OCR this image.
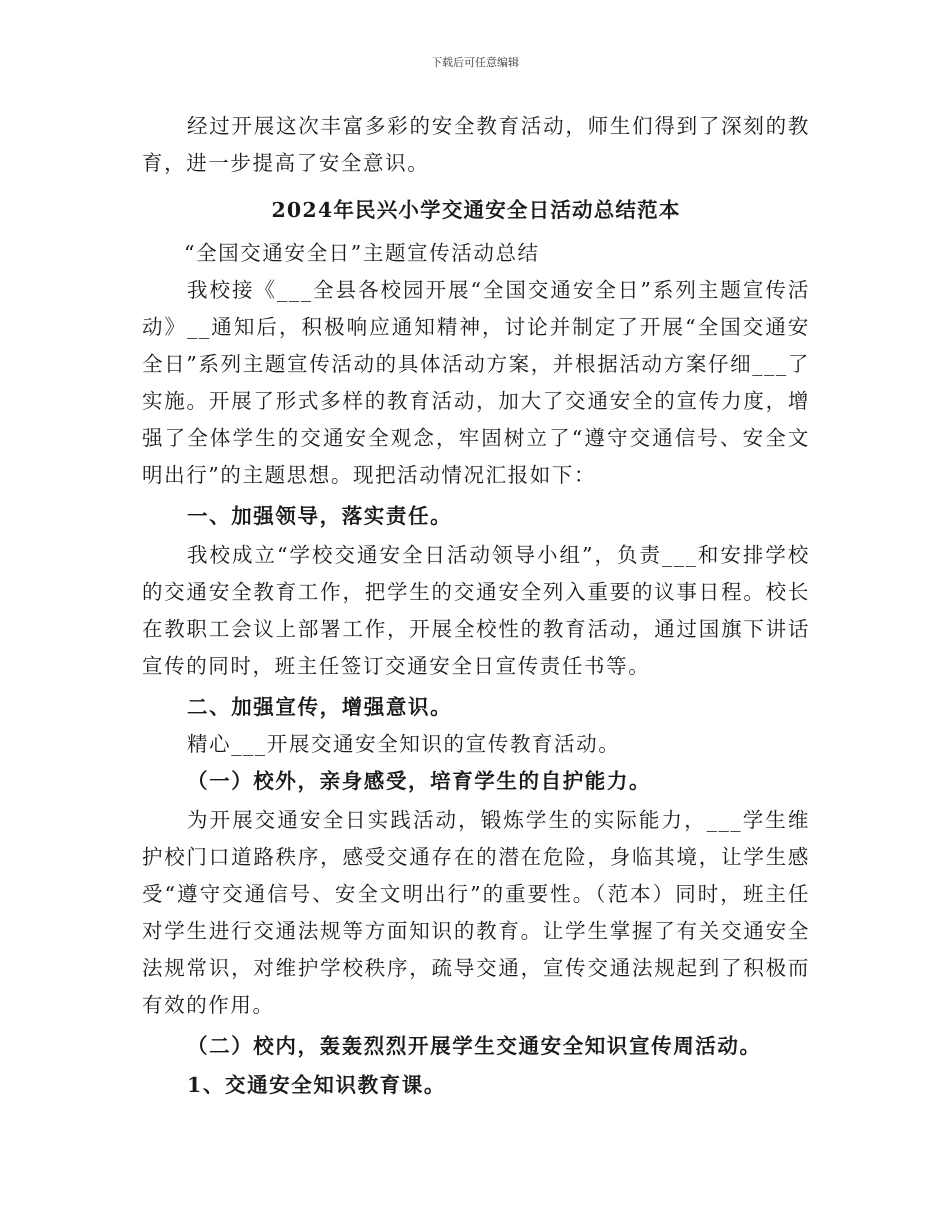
下载后可任意编辑

经过开展这次丰富多彩的安全教育活动，师生们得到了深刻的教育，进一步提高了安全意识。

2024年民兴小学交通安全日活动总结范本

“全国交通安全日”主题宣传活动总结

我校接《___全县各校园开展“全国交通安全日”系列主题宣传活动》__通知后，积极响应通知精神，讨论并制定了开展“全国交通安全日”系列主题宣传活动的具体活动方案，并根据活动方案仔细___了实施。开展了形式多样的教育活动，加大了交通安全的宣传力度，增强了全体学生的交通安全观念，牢固树立了“遵守交通信号、安全文明出行”的主题思想。现把活动情况汇报如下：

一、加强领导，落实责任。

我校成立“学校交通安全日活动领导小组”，负责___和安排学校的交通安全教育工作，把学生的交通安全列入重要的议事日程。校长在教职工会议上部署工作，开展全校性的教育活动，通过国旗下讲话宣传的同时，班主任签订交通安全日宣传责任书等。

二、加强宣传，增强意识。

精心___开展交通安全知识的宣传教育活动。

（一）校外，亲身感受，培育学生的自护能力。

为开展交通安全日实践活动，锻炼学生的实际能力，___学生维护校门口道路秩序，感受交通存在的潜在危险，身临其境，让学生感受“遵守交通信号、安全文明出行”的重要性。（范本）同时，班主任对学生进行交通法规等方面知识的教育。让学生掌握了有关交通安全法规常识，对维护学校秩序，疏导交通，宣传交通法规起到了积极而有效的作用。

（二）校内，轰轰烈烈开展学生交通安全知识宣传周活动。

1、交通安全知识教育课。
